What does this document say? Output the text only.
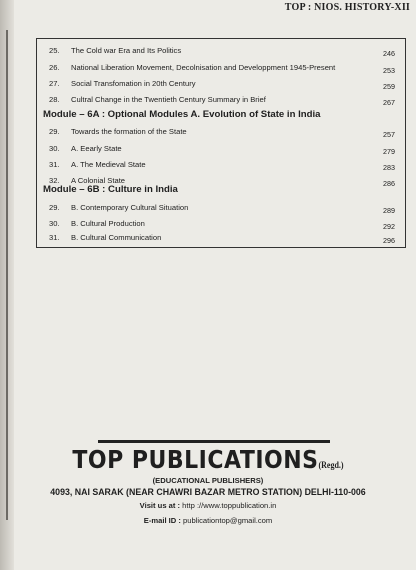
TOP : NIOS. HISTORY-XII
25.	The Cold war Era and Its Politics	246
26.	National Liberation Movement, Decolnisation and Developpment 1945-Present	253
27.	Social Transfomation in 20th Century	259
28.	Cultral Change in the Twentieth Century Summary in Brief	267
Module – 6A : Optional Modules A. Evolution of State in India
29.	Towards the formation of the State	257
30.	A. Eearly State	279
31.	A. The Medieval State	283
32.	A Colonial State	286
Module – 6B : Culture in India
29.	B. Contemporary Cultural Situation	289
30.	B. Cultural Production	292
31.	B. Cultural Communication	296
TOP PUBLICATIONS(Regd.)
(EDUCATIONAL PUBLISHERS)
4093, NAI SARAK (NEAR CHAWRI BAZAR METRO STATION) DELHI-110-006
Visit us at : http ://www.toppublication.in
E-mail ID : publicationtop@gmail.com
